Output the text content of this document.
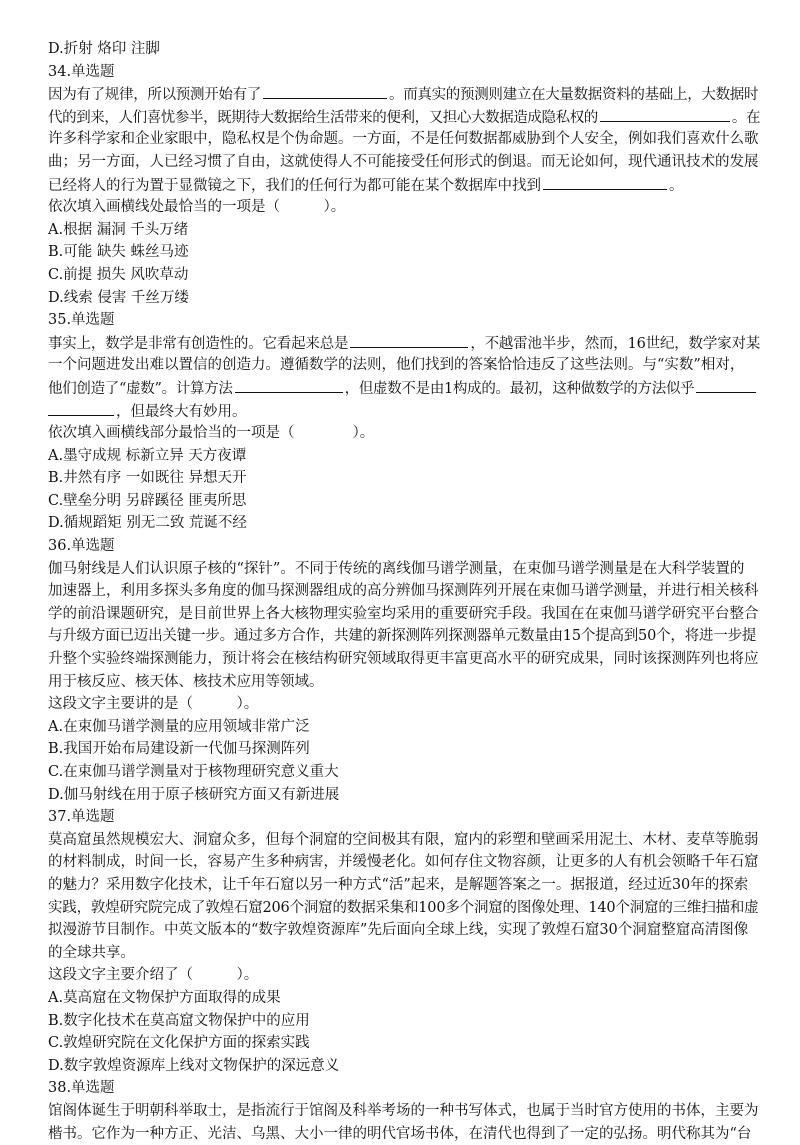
D.折射 烙印 注脚
34.单选题
因为有了规律，所以预测开始有了	。而真实的预测则建立在大量数据资料的基础上，大数据时
代的到来，人们喜忧参半，既期待大数据给生活带来的便利，又担心大数据造成隐私权的	。在
许多科学家和企业家眼中，隐私权是个伪命题。一方面，不是任何数据都威胁到个人安全，例如我们喜欢什么歌
曲；另一方面，人已经习惯了自由，这就使得人不可能接受任何形式的倒退。而无论如何，现代通讯技术的发展
已经将人的行为置于显微镜之下，我们的任何行为都可能在某个数据库中找到	。
依次填入画横线处最恰当的一项是（　　　）。
A.根据 漏洞 千头万绪
B.可能 缺失 蛛丝马迹
C.前提 损失 风吹草动
D.线索 侵害 千丝万缕
35.单选题
事实上，数学是非常有创造性的。它看起来总是	，不越雷池半步，然而，16世纪，数学家对某
一个问题进发出难以置信的创造力。遵循数学的法则，他们找到的答案恰恰违反了这些法则。与“实数”相对，
他们创造了“虚数”。计算方法	，但虚数不是由1构成的。最初，这种做数学的方法似乎
，但最终大有妙用。
依次填入画横线部分最恰当的一项是（　　　　）。
A.墨守成规 标新立异 天方夜谭
B.井然有序 一如既往 异想天开
C.壁垒分明 另辟蹊径 匪夷所思
D.循规蹈矩 别无二致 荒诞不经
36.单选题
伽马射线是人们认识原子核的“探针”。不同于传统的离线伽马谱学测量，在束伽马谱学测量是在大科学装置的
加速器上，利用多探头多角度的伽马探测器组成的高分辨伽马探测阵列开展在束伽马谱学测量，并进行相关核科
学的前沿课题研究，是目前世界上各大核物理实验室均采用的重要研究手段。我国在在束伽马谱学研究平台整合
与升级方面已迈出关键一步。通过多方合作，共建的新探测阵列探测器单元数量由15个提高到50个，将进一步提
升整个实验终端探测能力，预计将会在核结构研究领域取得更丰富更高水平的研究成果，同时该探测阵列也将应
用于核反应、核天体、核技术应用等领域。
这段文字主要讲的是（　　　）。
A.在束伽马谱学测量的应用领域非常广泛
B.我国开始布局建设新一代伽马探测阵列
C.在束伽马谱学测量对于核物理研究意义重大
D.伽马射线在用于原子核研究方面又有新进展
37.单选题
莫高窟虽然规模宏大、洞窟众多，但每个洞窟的空间极其有限，窟内的彩塑和壁画采用泥土、木材、麦草等脆弱
的材料制成，时间一长，容易产生多种病害，并缓慢老化。如何存住文物容颜，让更多的人有机会领略千年石窟
的魅力？采用数字化技术，让千年石窟以另一种方式“活”起来，是解题答案之一。据报道，经过近30年的探索
实践，敦煌研究院完成了敦煌石窟206个洞窟的数据采集和100多个洞窟的图像处理、140个洞窟的三维扫描和虚
拟漫游节目制作。中英文版本的“数字敦煌资源库”先后面向全球上线，实现了敦煌石窟30个洞窟整窟高清图像
的全球共享。
这段文字主要介绍了（　　　）。
A.莫高窟在文物保护方面取得的成果
B.数字化技术在莫高窟文物保护中的应用
C.敦煌研究院在文化保护方面的探索实践
D.数字敦煌资源库上线对文物保护的深远意义
38.单选题
馆阁体诞生于明朝科举取士，是指流行于馆阁及科举考场的一种书写体式，也属于当时官方使用的书体，主要为
楷书。它作为一种方正、光洁、乌黑、大小一律的明代官场书体，在清代也得到了一定的弘扬。明代称其为“台
